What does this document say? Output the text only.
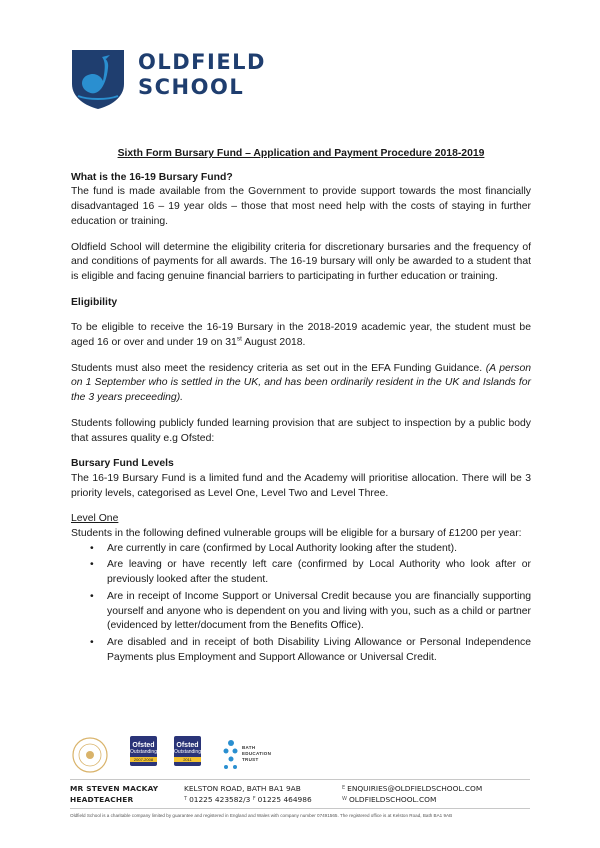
OLDFIELD
SCHOOL

Sixth Form Bursary Fund – Application and Payment Procedure 2018-2019

What is the 16-19 Bursary Fund?

The fund is made available from the Government to provide support towards the most financially disadvantaged 16 – 19 year olds – those that most need help with the costs of staying in further education or training.

Oldfield School will determine the eligibility criteria for discretionary bursaries and the frequency of and conditions of payments for all awards. The 16-19 bursary will only be awarded to a student that is eligible and facing genuine financial barriers to participating in further education or training.

Eligibility

To be eligible to receive the 16-19 Bursary in the 2018-2019 academic year, the student must be aged 16 or over and under 19 on 31st August 2018.

Students must also meet the residency criteria as set out in the EFA Funding Guidance. (A person on 1 September who is settled in the UK, and has been ordinarily resident in the UK and Islands for the 3 years preceeding).

Students following publicly funded learning provision that are subject to inspection by a public body that assures quality e.g Ofsted:

Bursary Fund Levels

The 16-19 Bursary Fund is a limited fund and the Academy will prioritise allocation. There will be 3 priority levels, categorised as Level One, Level Two and Level Three.

Level One

Students in the following defined vulnerable groups will be eligible for a bursary of £1200 per year:

• Are currently in care (confirmed by Local Authority looking after the student).
• Are leaving or have recently left care (confirmed by Local Authority who look after or previously looked after the student.
• Are in receipt of Income Support or Universal Credit because you are financially supporting yourself and anyone who is dependent on you and living with you, such as a child or partner (evidenced by letter/document from the Benefits Office).
• Are disabled and in receipt of both Disability Living Allowance or Personal Independence Payments plus Employment and Support Allowance or Universal Credit.
Ofsted
Outstanding
2007-2008
Ofsted
Outstanding
2011
BATH
EDUCATION
TRUST
MR STEVEN MACKAY
HEADTEACHER
KELSTON ROAD, BATH BA1 9AB
$^T$ 01225 423582/3 $^F$ 01225 464986
$^E$ ENQUIRIES@OLDFIELDSCHOOL.COM
$^W$ OLDFIELDSCHOOL.COM
Oldfield School is a charitable company limited by guarantee and registered in England and Wales with company number 07491565. The registered office is at Kelston Road, Bath BA1 9AB
